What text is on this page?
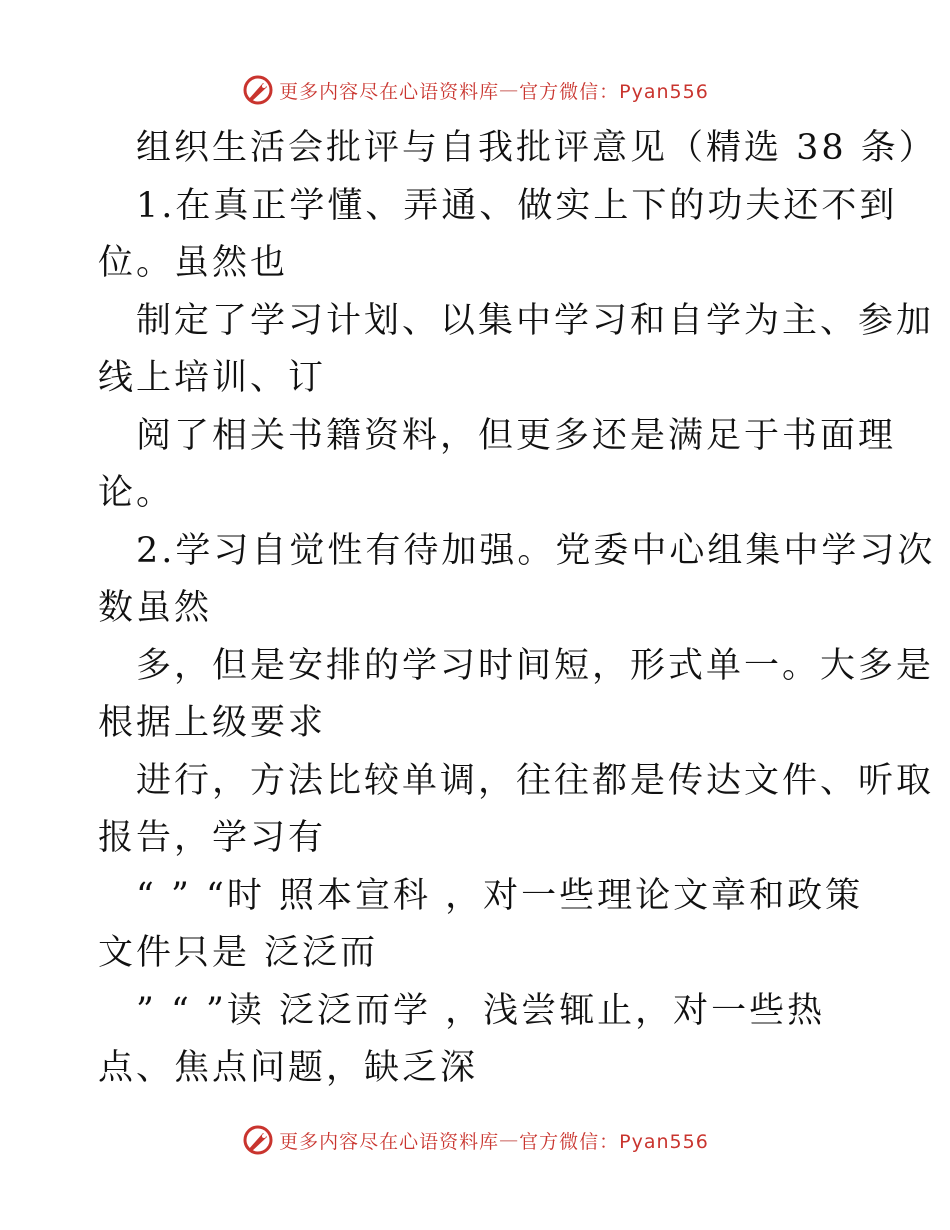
更多内容尽在心语资料库 — 官方微信：Pyan556
组织生活会批评与自我批评意见（精选 38 条）
1.在真正学懂、弄通、做实上下的功夫还不到
位。虽然也
制定了学习计划、以集中学习和自学为主、参加
线上培训、订
阅了相关书籍资料，但更多还是满足于书面理
论。
2.学习自觉性有待加强。党委中心组集中学习次
数虽然
多，但是安排的学习时间短，形式单一。大多是
根据上级要求
进行，方法比较单调，往往都是传达文件、听取
报告，学习有
“ ” “时 照本宣科 ，对一些理论文章和政策
文件只是 泛泛而
” “ ”读 泛泛而学 ，浅尝辄止，对一些热
点、焦点问题，缺乏深
更多内容尽在心语资料库 — 官方微信：Pyan556
